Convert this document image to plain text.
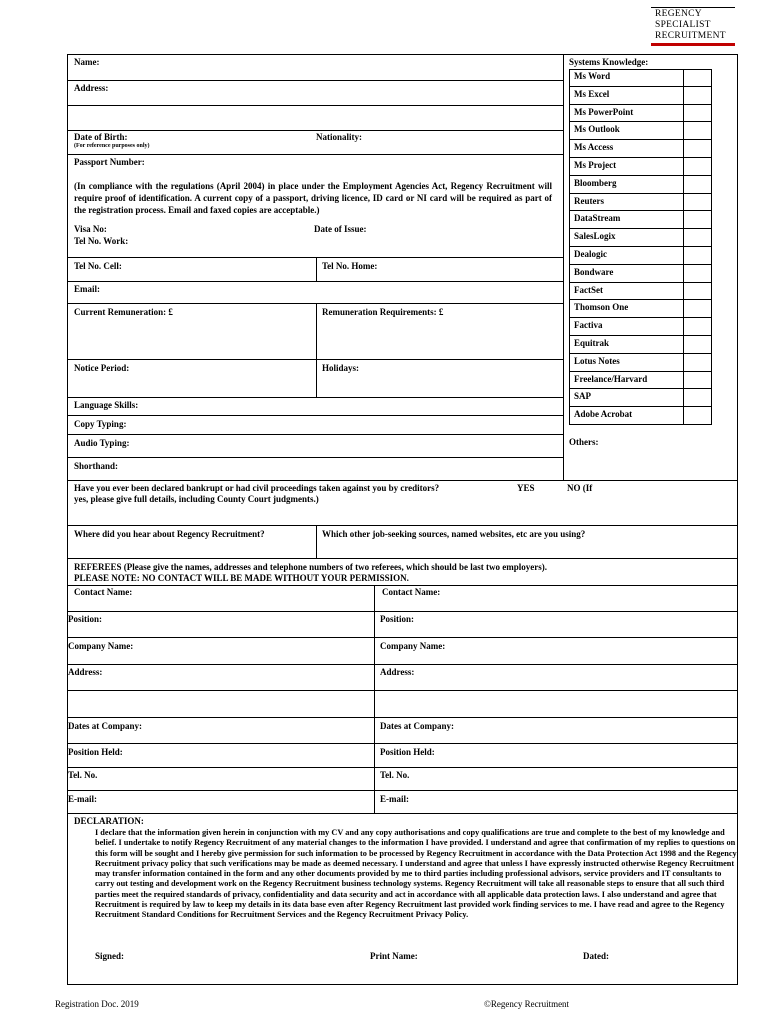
REGENCY
SPECIALIST
RECRUITMENT
Name:
Address:
Date of Birth:
(For reference purposes only)
Nationality:
Passport Number:
(In compliance with the regulations (April 2004) in place under the Employment Agencies Act, Regency Recruitment will require proof of identification. A current copy of a passport, driving licence, ID card or NI card will be required as part of the registration process. Email and faxed copies are acceptable.)
Visa No:	Date of Issue:
Tel No. Work:
Tel No. Cell:	Tel No. Home:
Email:
Current Remuneration: £	Remuneration Requirements: £
Notice Period:	Holidays:
Language Skills:
Copy Typing:
Audio Typing:
Shorthand:
Have you ever been declared bankrupt or had civil proceedings taken against you by creditors?	YES	NO (If
yes, please give full details, including County Court judgments.)
Where did you hear about Regency Recruitment?	Which other job-seeking sources, named websites, etc are you using?
REFEREES (Please give the names, addresses and telephone numbers of two referees, which should be last two employers).
PLEASE NOTE: NO CONTACT WILL BE MADE WITHOUT YOUR PERMISSION.
Systems Knowledge:
Ms Word
Ms Excel
Ms PowerPoint
Ms Outlook
Ms Access
Ms Project
Bloomberg
Reuters
DataStream
SalesLogix
Dealogic
Bondware
FactSet
Thomson One
Factiva
Equitrak
Lotus Notes
Freelance/Harvard
SAP
Adobe Acrobat
Others:
Contact Name:	Contact Name:
Position:	Position:
Company Name:	Company Name:
Address:	Address:
Dates at Company:	Dates at Company:
Position Held:	Position Held:
Tel. No.	Tel. No.
E-mail:	E-mail:
DECLARATION:
I declare that the information given herein in conjunction with my CV and any copy authorisations and copy qualifications are true and complete to the best of my knowledge and belief. I undertake to notify Regency Recruitment of any material changes to the information I have provided. I understand and agree that confirmation of my replies to questions on this form will be sought and I hereby give permission for such information to be processed by Regency Recruitment in accordance with the Data Protection Act 1998 and the Regency Recruitment privacy policy that such verifications may be made as deemed necessary. I understand and agree that unless I have expressly instructed otherwise Regency Recruitment may transfer information contained in the form and any other documents provided by me to third parties including professional advisors, service providers and IT consultants to carry out testing and development work on the Regency Recruitment business technology systems. Regency Recruitment will take all reasonable steps to ensure that all such third parties meet the required standards of privacy, confidentiality and data security and act in accordance with all applicable data protection laws. I also understand and agree that Recruitment is required by law to keep my details in its data base even after Regency Recruitment last provided work finding services to me. I have read and agree to the Regency Recruitment Standard Conditions for Recruitment Services and the Regency Recruitment Privacy Policy.
Signed:	Print Name:	Dated:
Registration Doc. 2019	©Regency Recruitment
